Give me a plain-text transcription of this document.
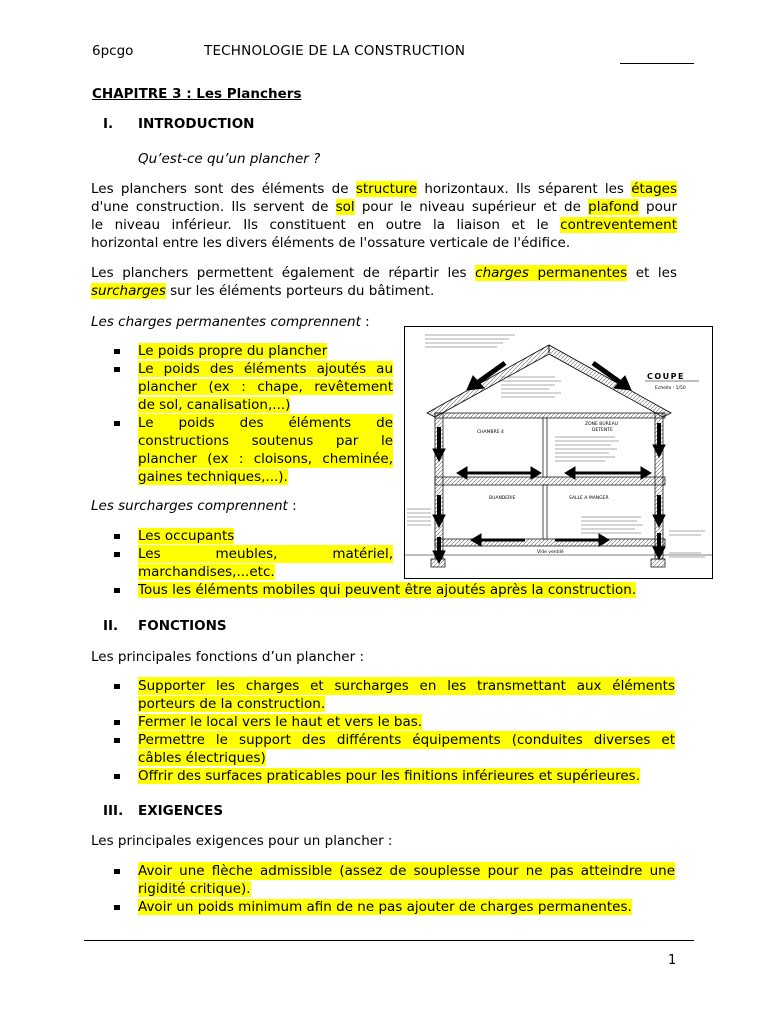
6pcgo	TECHNOLOGIE DE LA CONSTRUCTION
CHAPITRE 3 : Les Planchers
I. INTRODUCTION
Qu’est-ce qu’un plancher ?
Les planchers sont des éléments de structure horizontaux. Ils séparent les étages
d'une construction. Ils servent de sol pour le niveau supérieur et de plafond pour
le niveau inférieur. Ils constituent en outre la liaison et le contreventement
horizontal entre les divers éléments de l'ossature verticale de l'édifice.
Les planchers permettent également de répartir les charges permanentes et les
surcharges sur les éléments porteurs du bâtiment.
Les charges permanentes comprennent :
Le poids propre du plancher
Le poids des éléments ajoutés au
plancher (ex : chape, revêtement
de sol, canalisation,...)
Le poids des éléments de
constructions soutenus par le
plancher (ex : cloisons, cheminée,
gaines techniques,...).
Les surcharges comprennent :
Les occupants
Les meubles, matériel,
marchandises,...etc.
Tous les éléments mobiles qui peuvent être ajoutés après la construction.
COUPE
Echelle : 1/50
CHAMBRE 4
ZONE BUREAU
DETENTE
BUANDERIE	SALLE A MANGER
Vide ventilé
II. FONCTIONS
Les principales fonctions d’un plancher :
Supporter les charges et surcharges en les transmettant aux éléments
porteurs de la construction.
Fermer le local vers le haut et vers le bas.
Permettre le support des différents équipements (conduites diverses et
câbles électriques)
Offrir des surfaces praticables pour les finitions inférieures et supérieures.
III. EXIGENCES
Les principales exigences pour un plancher :
Avoir une flèche admissible (assez de souplesse pour ne pas atteindre une
rigidité critique).
Avoir un poids minimum afin de ne pas ajouter de charges permanentes.
1
